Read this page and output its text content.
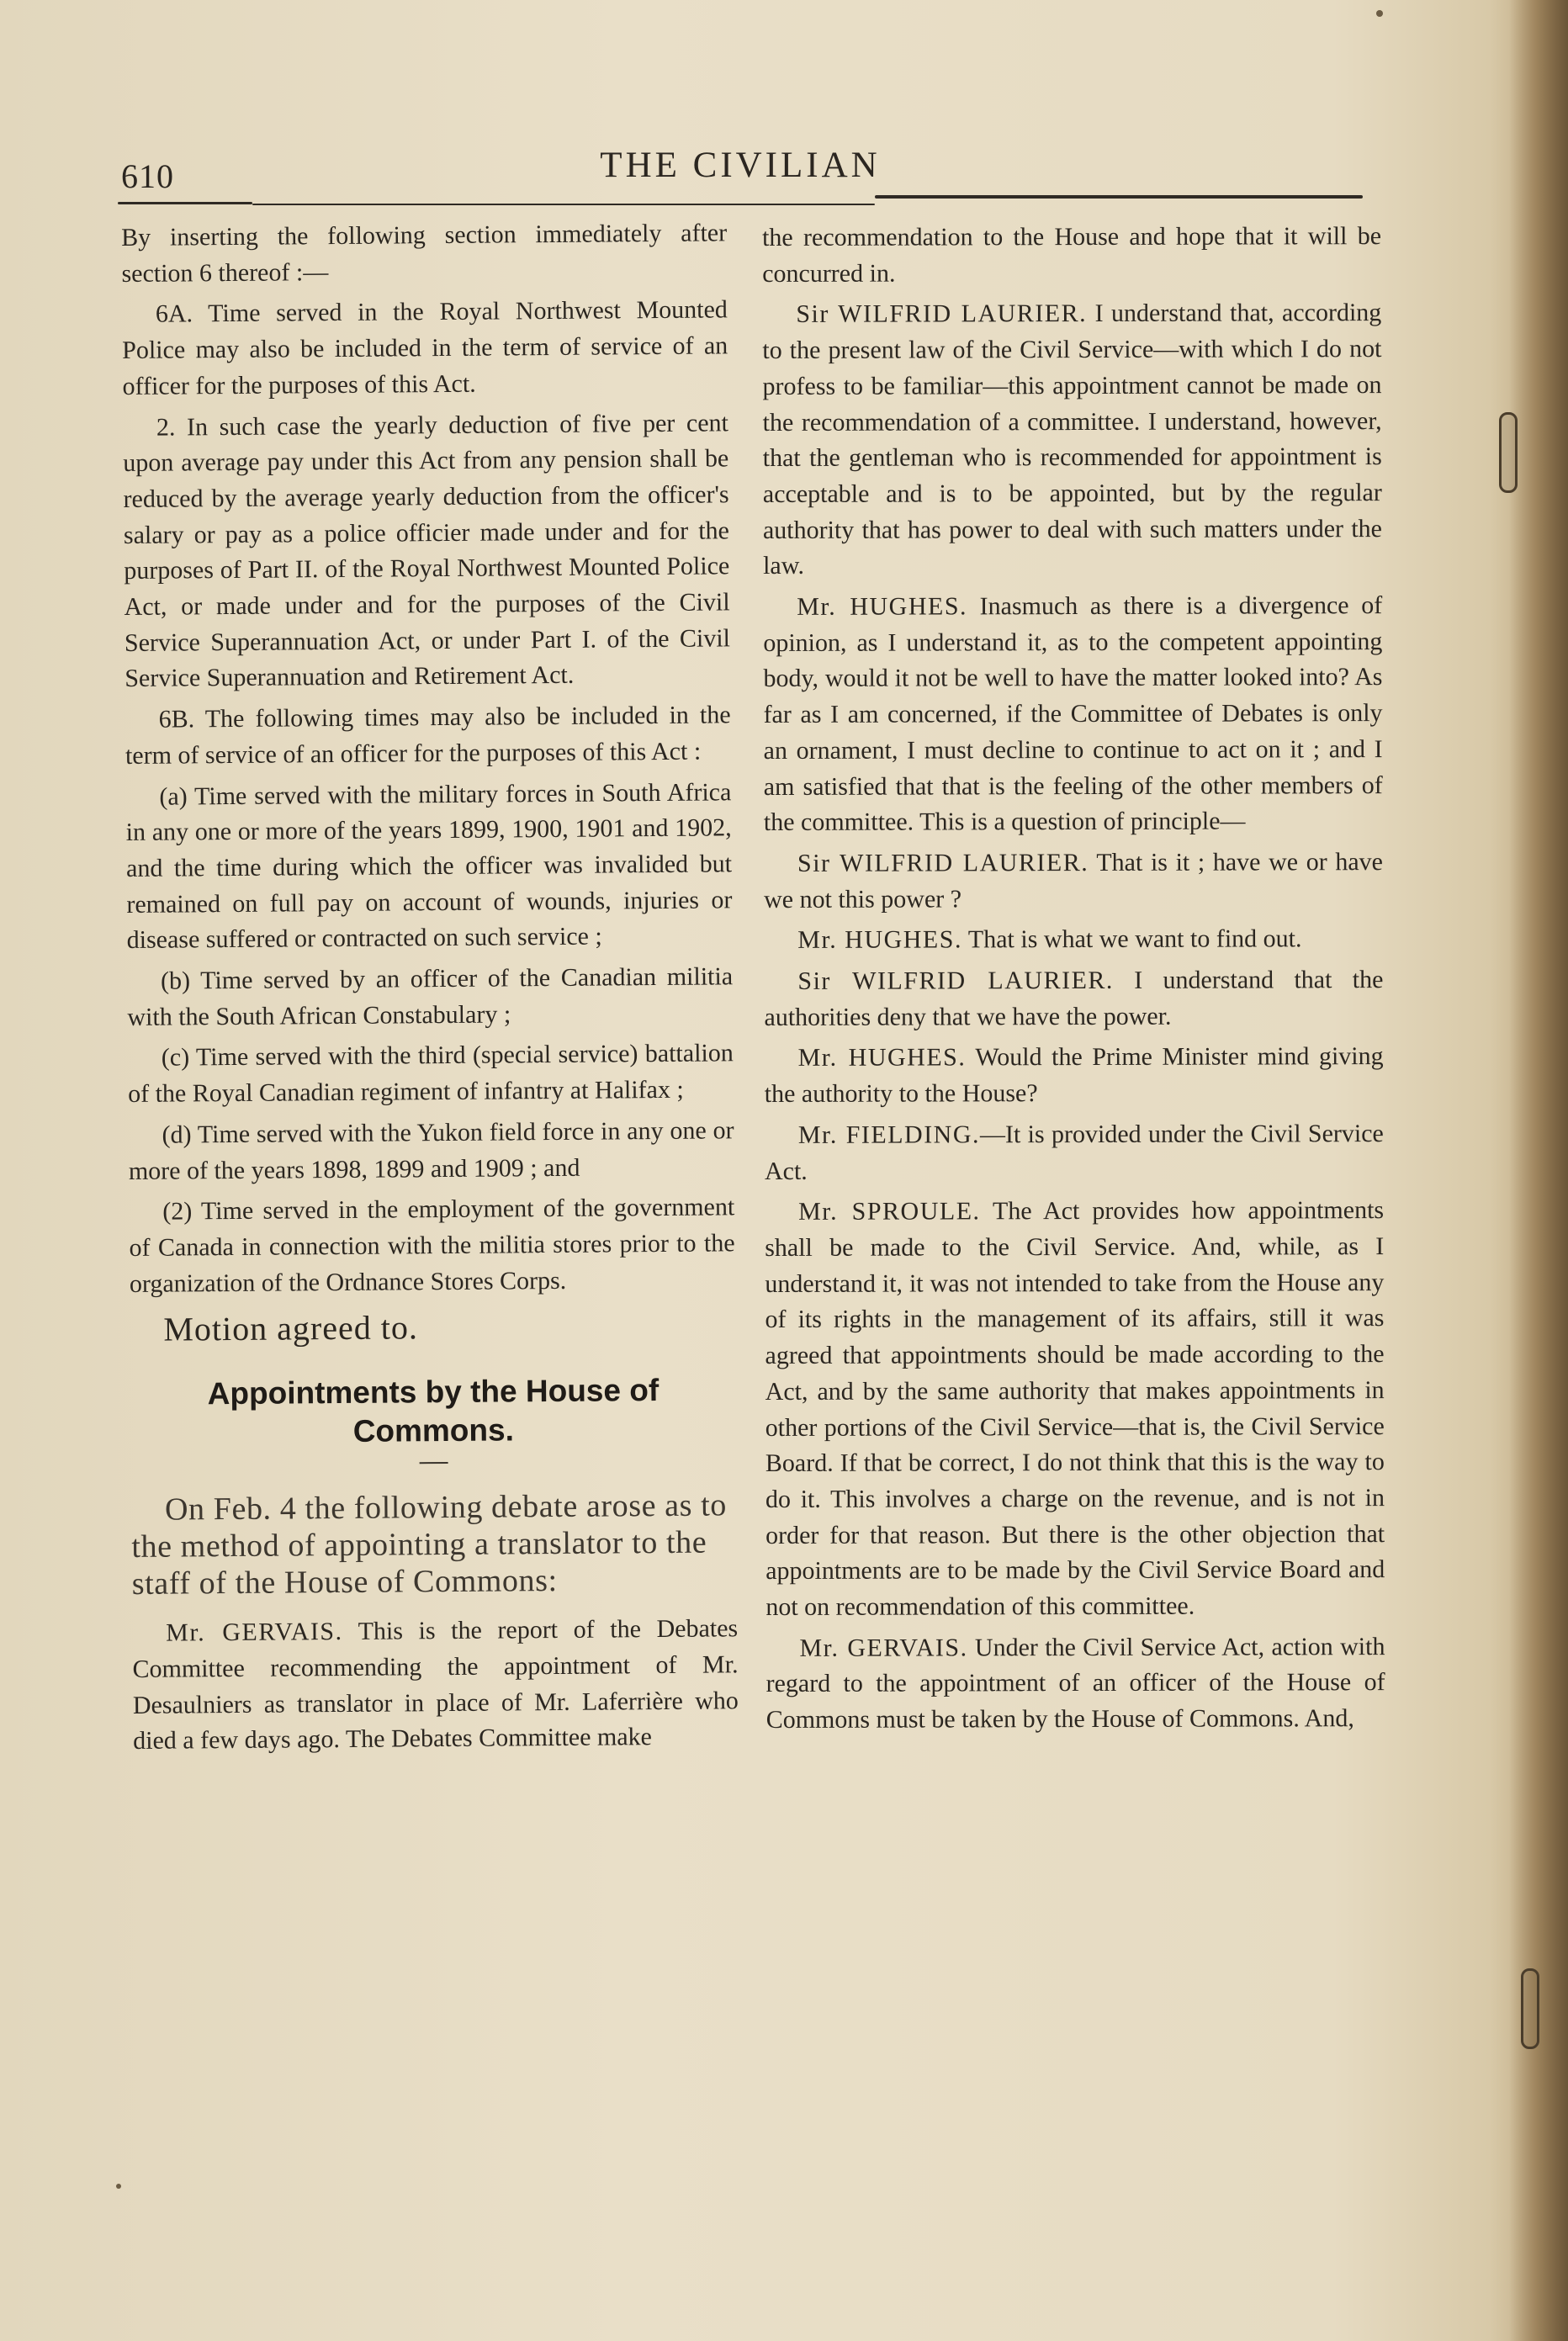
610	THE CIVILIAN

By inserting the following section immediately after section 6 thereof :—

6A. Time served in the Royal Northwest Mounted Police may also be included in the term of service of an officer for the purposes of this Act.

2. In such case the yearly deduction of five per cent upon average pay under this Act from any pension shall be reduced by the average yearly deduction from the officer's salary or pay as a police officier made under and for the purposes of Part II. of the Royal Northwest Mounted Police Act, or made under and for the purposes of the Civil Service Superannuation Act, or under Part I. of the Civil Service Superannuation and Retirement Act.

6B. The following times may also be included in the term of service of an officer for the purposes of this Act :

(a) Time served with the military forces in South Africa in any one or more of the years 1899, 1900, 1901 and 1902, and the time during which the officer was invalided but remained on full pay on account of wounds, injuries or disease suffered or contracted on such service ;

(b) Time served by an officer of the Canadian militia with the South African Constabulary ;

(c) Time served with the third (special service) battalion of the Royal Canadian regiment of infantry at Halifax ;

(d) Time served with the Yukon field force in any one or more of the years 1898, 1899 and 1909 ; and

(2) Time served in the employment of the government of Canada in connection with the militia stores prior to the organization of the Ordnance Stores Corps.

Motion agreed to.

Appointments by the House of Commons.

On Feb. 4 the following debate arose as to the method of appointing a translator to the staff of the House of Commons:

Mr. GERVAIS. This is the report of the Debates Committee recommending the appointment of Mr. Desaulniers as translator in place of Mr. Laferrière who died a few days ago. The Debates Committee make

the recommendation to the House and hope that it will be concurred in.

Sir WILFRID LAURIER. I understand that, according to the present law of the Civil Service—with which I do not profess to be familiar—this appointment cannot be made on the recommendation of a committee. I understand, however, that the gentleman who is recommended for appointment is acceptable and is to be appointed, but by the regular authority that has power to deal with such matters under the law.

Mr. HUGHES. Inasmuch as there is a divergence of opinion, as I understand it, as to the competent appointing body, would it not be well to have the matter looked into? As far as I am concerned, if the Committee of Debates is only an ornament, I must decline to continue to act on it ; and I am satisfied that that is the feeling of the other members of the committee. This is a question of principle—

Sir WILFRID LAURIER. That is it ; have we or have we not this power ?

Mr. HUGHES. That is what we want to find out.

Sir WILFRID LAURIER. I understand that the authorities deny that we have the power.

Mr. HUGHES. Would the Prime Minister mind giving the authority to the House?

Mr. FIELDING.—It is provided under the Civil Service Act.

Mr. SPROULE. The Act provides how appointments shall be made to the Civil Service. And, while, as I understand it, it was not intended to take from the House any of its rights in the management of its affairs, still it was agreed that appointments should be made according to the Act, and by the same authority that makes appointments in other portions of the Civil Service—that is, the Civil Service Board. If that be correct, I do not think that this is the way to do it. This involves a charge on the revenue, and is not in order for that reason. But there is the other objection that appointments are to be made by the Civil Service Board and not on recommendation of this committee.

Mr. GERVAIS. Under the Civil Service Act, action with regard to the appointment of an officer of the House of Commons must be taken by the House of Commons. And,
